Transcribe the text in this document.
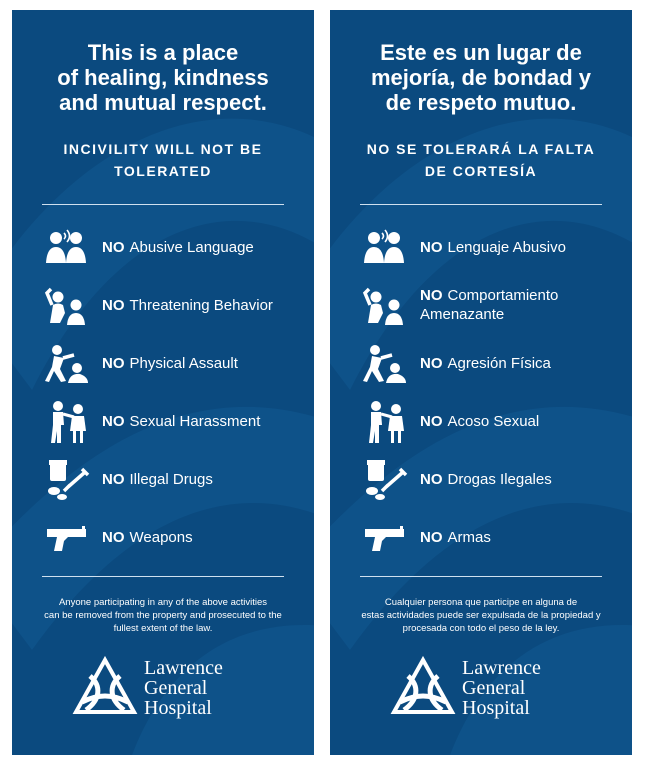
This is a place
of healing, kindness
and mutual respect.
INCIVILITY WILL NOT BE
TOLERATED
NO Abusive Language
NO Threatening Behavior
NO Physical Assault
NO Sexual Harassment
NO Illegal Drugs
NO Weapons
Anyone participating in any of the above activities
can be removed from the property and prosecuted to the
fullest extent of the law.
Lawrence
General
Hospital
Este es un lugar de
mejoría, de bondad y
de respeto mutuo.
NO SE TOLERARÁ LA FALTA
DE CORTESÍA
NO Lenguaje Abusivo
NO Comportamiento Amenazante
NO Agresión Física
NO Acoso Sexual
NO Drogas Ilegales
NO Armas
Cualquier persona que participe en alguna de
estas actividades puede ser expulsada de la propiedad y
procesada con todo el peso de la ley.
Lawrence
General
Hospital
